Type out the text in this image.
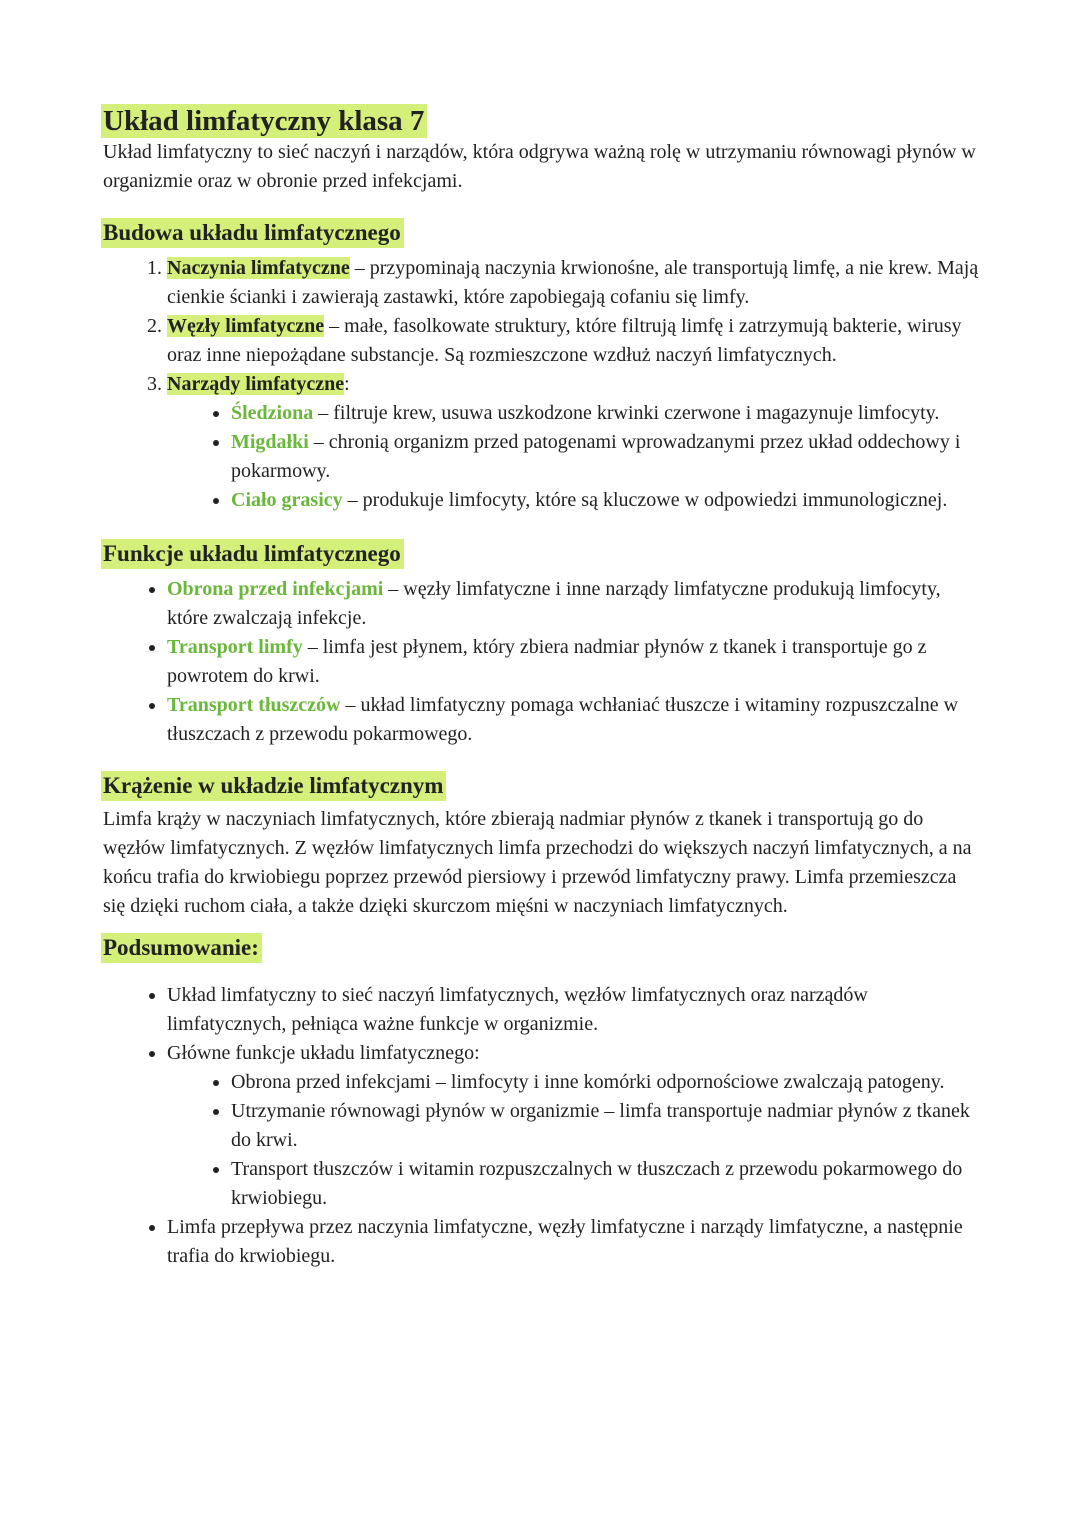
Układ limfatyczny klasa 7

Układ limfatyczny to sieć naczyń i narządów, która odgrywa ważną rolę w utrzymaniu równowagi płynów w organizmie oraz w obronie przed infekcjami.

Budowa układu limfatycznego
1. Naczynia limfatyczne – przypominają naczynia krwionośne, ale transportują limfę, a nie krew. Mają cienkie ścianki i zawierają zastawki, które zapobiegają cofaniu się limfy.
2. Węzły limfatyczne – małe, fasolkowate struktury, które filtrują limfę i zatrzymują bakterie, wirusy oraz inne niepożądane substancje. Są rozmieszczone wzdłuż naczyń limfatycznych.
3. Narządy limfatyczne:
• Śledziona – filtruje krew, usuwa uszkodzone krwinki czerwone i magazynuje limfocyty.
• Migdałki – chronią organizm przed patogenami wprowadzanymi przez układ oddechowy i pokarmowy.
• Ciało grasicy – produkuje limfocyty, które są kluczowe w odpowiedzi immunologicznej.
Funkcje układu limfatycznego
• Obrona przed infekcjami – węzły limfatyczne i inne narządy limfatyczne produkują limfocyty, które zwalczają infekcje.
• Transport limfy – limfa jest płynem, który zbiera nadmiar płynów z tkanek i transportuje go z powrotem do krwi.
• Transport tłuszczów – układ limfatyczny pomaga wchłaniać tłuszcze i witaminy rozpuszczalne w tłuszczach z przewodu pokarmowego.
Krążenie w układzie limfatycznym

Limfa krąży w naczyniach limfatycznych, które zbierają nadmiar płynów z tkanek i transportują go do węzłów limfatycznych. Z węzłów limfatycznych limfa przechodzi do większych naczyń limfatycznych, a na końcu trafia do krwiobiegu poprzez przewód piersiowy i przewód limfatyczny prawy. Limfa przemieszcza się dzięki ruchom ciała, a także dzięki skurczom mięśni w naczyniach limfatycznych.

Podsumowanie:
• Układ limfatyczny to sieć naczyń limfatycznych, węzłów limfatycznych oraz narządów limfatycznych, pełniąca ważne funkcje w organizmie.
• Główne funkcje układu limfatycznego:
• Obrona przed infekcjami – limfocyty i inne komórki odpornościowe zwalczają patogeny.
• Utrzymanie równowagi płynów w organizmie – limfa transportuje nadmiar płynów z tkanek do krwi.
• Transport tłuszczów i witamin rozpuszczalnych w tłuszczach z przewodu pokarmowego do krwiobiegu.
• Limfa przepływa przez naczynia limfatyczne, węzły limfatyczne i narządy limfatyczne, a następnie trafia do krwiobiegu.
